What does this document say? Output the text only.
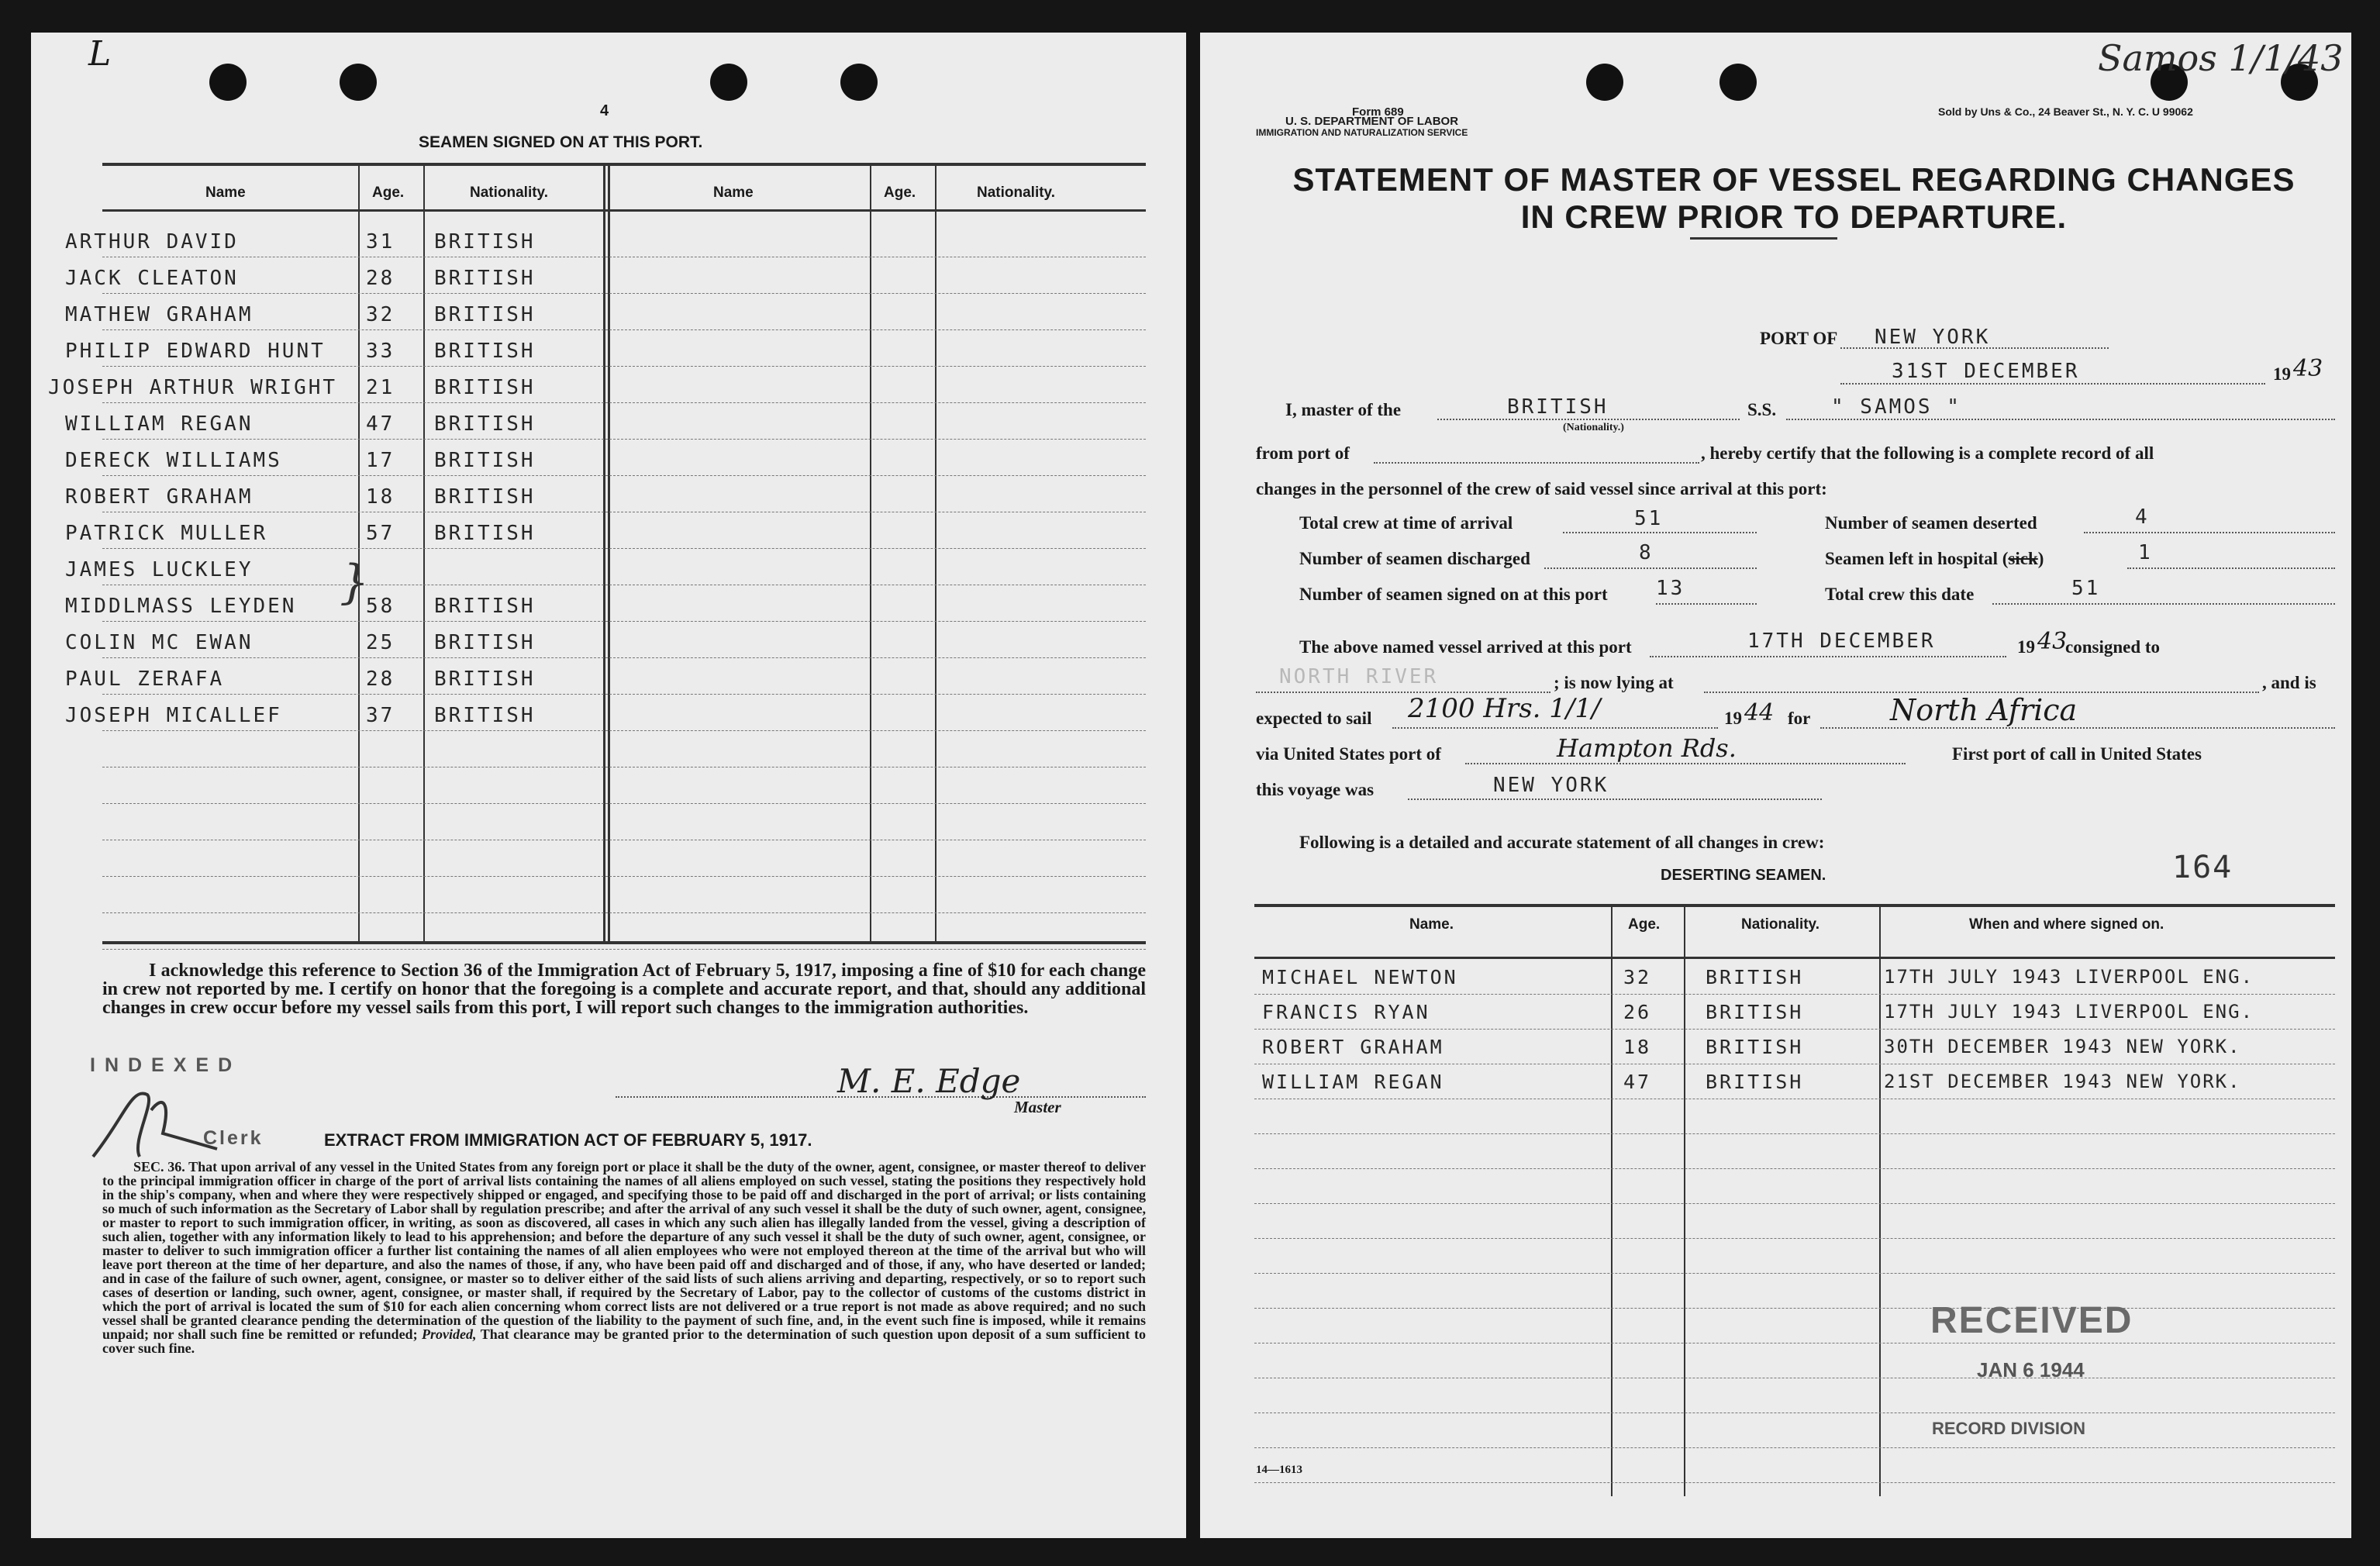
L
4
SEAMEN SIGNED ON AT THIS PORT.
Name	Age.	Nationality.	Name	Age.	Nationality.
ARTHUR DAVID	31 BRITISH
JACK CLEATON	28 BRITISH
MATHEW GRAHAM	32 BRITISH
PHILIP EDWARD HUNT 33 BRITISH
JOSEPH ARTHUR WRIGHT 21 BRITISH
WILLIAM REGAN	47 BRITISH
DERECK WILLIAMS	17 BRITISH
ROBERT GRAHAM	18 BRITISH
PATRICK MULLER	57 BRITISH
JAMES LUCKLEY
MIDDLMASS LEYDEN	58 BRITISH
COLIN MC EWAN	25 BRITISH
PAUL ZERAFA	28 BRITISH
JOSEPH MICALLEF	37 BRITISH
}
I acknowledge this reference to Section 36 of the Immigration Act of February 5, 1917, imposing a fine of $10 for each change in crew not reported by me. I certify on honor that the foregoing is a complete and accurate report, and that, should any additional changes in crew occur before my vessel sails from this port, I will report such changes to the immigration authorities.
INDEXED
Clerk
M. E. Edge
Master
EXTRACT FROM IMMIGRATION ACT OF FEBRUARY 5, 1917.
SEC. 36. That upon arrival of any vessel in the United States from any foreign port or place it shall be the duty of the owner, agent, consignee, or master thereof to deliver to the principal immigration officer in charge of the port of arrival lists containing the names of all aliens employed on such vessel, stating the positions they respectively hold in the ship's company, when and where they were respectively shipped or engaged, and specifying those to be paid off and discharged in the port of arrival; or lists containing so much of such information as the Secretary of Labor shall by regulation prescribe; and after the arrival of any such vessel it shall be the duty of such owner, agent, consignee, or master to report to such immigration officer, in writing, as soon as discovered, all cases in which any such alien has illegally landed from the vessel, giving a description of such alien, together with any information likely to lead to his apprehension; and before the departure of any such vessel it shall be the duty of such owner, agent, consignee, or master to deliver to such immigration officer a further list containing the names of all alien employees who were not employed thereon at the time of the arrival but who will leave port thereon at the time of her departure, and also the names of those, if any, who have been paid off and discharged and of those, if any, who have deserted or landed; and in case of the failure of such owner, agent, consignee, or master so to deliver either of the said lists of such aliens arriving and departing, respectively, or so to report such cases of desertion or landing, such owner, agent, consignee, or master shall, if required by the Secretary of Labor, pay to the collector of customs of the customs district in which the port of arrival is located the sum of $10 for each alien concerning whom correct lists are not delivered or a true report is not made as above required; and no such vessel shall be granted clearance pending the determination of the question of the liability to the payment of such fine, and, in the event such fine is imposed, while it remains unpaid; nor shall such fine be remitted or refunded; Provided, That clearance may be granted prior to the determination of such question upon deposit of a sum sufficient to cover such fine.
Form 689
U. S. DEPARTMENT OF LABOR
IMMIGRATION AND NATURALIZATION SERVICE
Sold by Uns & Co., 24 Beaver St., N. Y. C. U 99062
Samos 1/1/43
STATEMENT OF MASTER OF VESSEL REGARDING CHANGES
IN CREW PRIOR TO DEPARTURE.
PORT OF NEW YORK
31ST DECEMBER	19 43
I, master of the	BRITISH
(Nationality.)
S.S.	" SAMOS "
from port of	, hereby certify that the following is a complete record of all
changes in the personnel of the crew of said vessel since arrival at this port:
Total crew at time of arrival	51	Number of seamen deserted	4
Number of seamen discharged	8	Seamen left in hospital (sick)	1
Number of seamen signed on at this port 13	Total crew this date	51
The above named vessel arrived at this port	17TH DECEMBER	19 43
consigned to
NORTH RIVER	; is now lying at	, and is
expected to sail 2100 Hrs. 1/1/	19 44 for	North Africa
via United States port of	Hampton Rds.	First port of call in United States
this voyage was	NEW YORK
Following is a detailed and accurate statement of all changes in crew:
164
DESERTING SEAMEN.
Name.	Age.	Nationality.	When and where signed on.
MICHAEL NEWTON	32	BRITISH	17TH JULY 1943 LIVERPOOL ENG.
FRANCIS RYAN	26	BRITISH	17TH JULY 1943 LIVERPOOL ENG.
ROBERT GRAHAM	18	BRITISH	30TH DECEMBER 1943 NEW YORK.
WILLIAM REGAN	47	BRITISH	21ST DECEMBER 1943 NEW YORK.
RECEIVED
JAN 6 1944
RECORD DIVISION
14—1613
